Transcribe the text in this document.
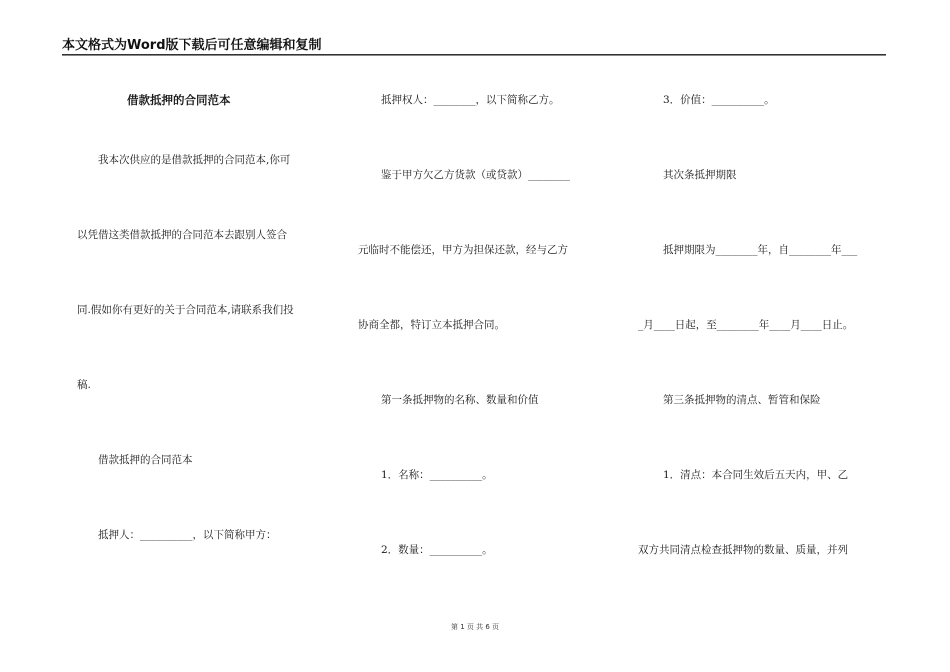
本文格式为Word版下载后可任意编辑和复制
借款抵押的合同范本
我本次供应的是借款抵押的合同范本,你可
以凭借这类借款抵押的合同范本去跟别人签合
同.假如你有更好的关于合同范本,请联系我们投
稿.
借款抵押的合同范本
抵押人：__________，以下简称甲方：
抵押权人：________，以下简称乙方。
鉴于甲方欠乙方货款（或贷款）________
元临时不能偿还，甲方为担保还款，经与乙方
协商全都，特订立本抵押合同。
第一条抵押物的名称、数量和价值
1．名称：__________。
2．数量：__________。
3．价值：__________。
其次条抵押期限
抵押期限为________年，自________年___
_月____日起，至________年____月____日止。
第三条抵押物的清点、暂管和保险
1．清点：本合同生效后五天内，甲、乙
双方共同清点检查抵押物的数量、质量，并列
第 1 页 共 6 页
